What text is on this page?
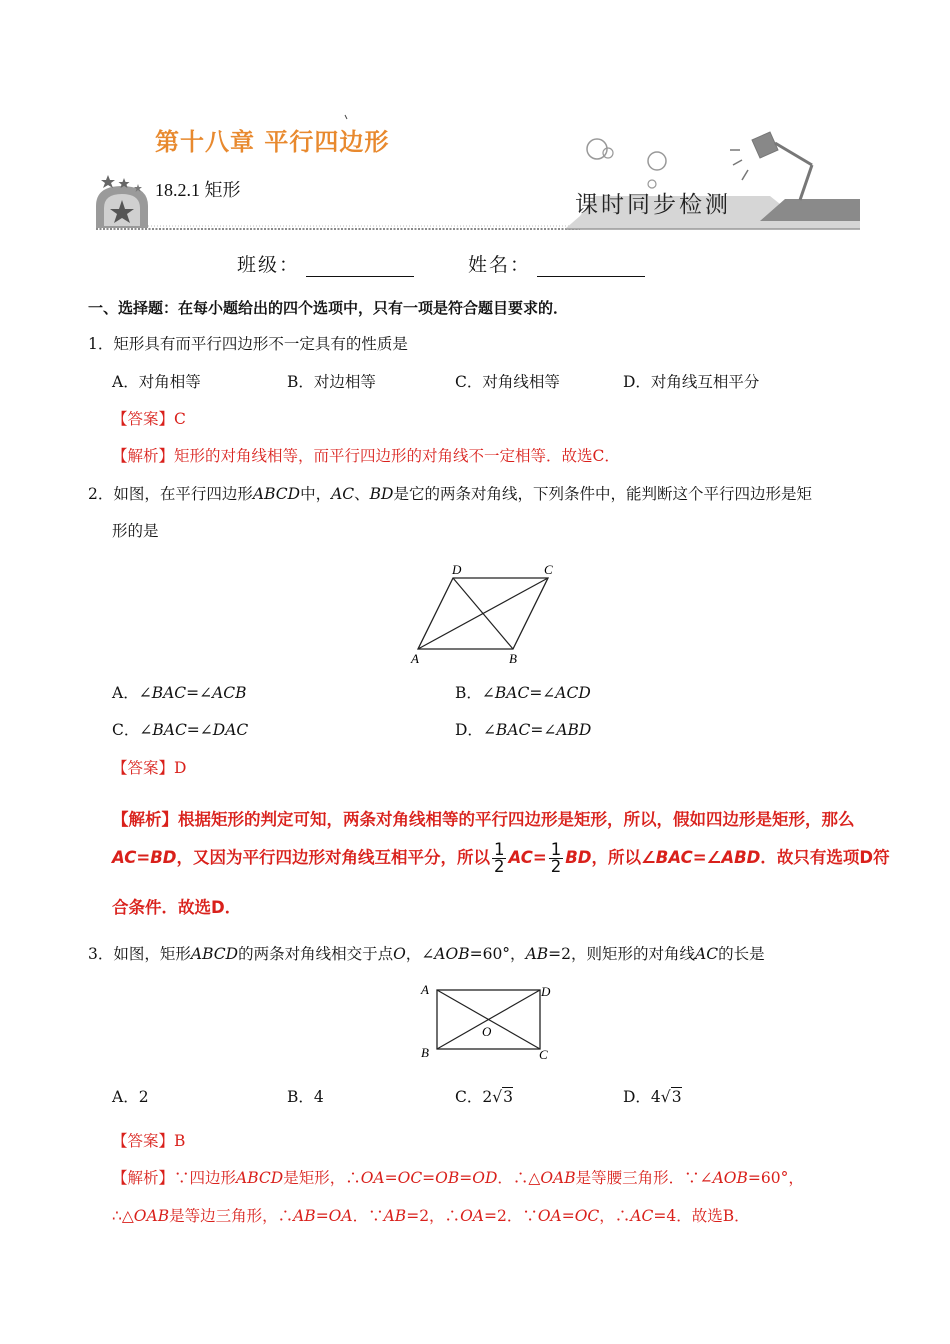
第十八章 平行四边形
18.2.1 矩形
课时同步检测
班级：	姓名：
一、选择题：在每小题给出的四个选项中，只有一项是符合题目要求的．
1．矩形具有而平行四边形不一定具有的性质是
A．对角相等	B．对边相等	C．对角线相等	D．对角线互相平分
【答案】C
【解析】矩形的对角线相等，而平行四边形的对角线不一定相等．故选C．
2．如图，在平行四边形ABCD中，AC、BD是它的两条对角线，下列条件中，能判断这个平行四边形是矩
形的是
A	B
C
D
A．∠BAC=∠ACB	B．∠BAC=∠ACD
C．∠BAC=∠DAC	D．∠BAC=∠ABD
【答案】D
【解析】根据矩形的判定可知，两条对角线相等的平行四边形是矩形，所以，假如四边形是矩形，那么
AC=BD，又因为平行四边形对角线互相平分，所以 $\frac{1}{2} AC= \frac{1}{2}$ BD，所以∠BAC=∠ABD．故只有选项D符
合条件．故选D．
3．如图，矩形ABCD的两条对角线相交于点O，∠AOB=60°，AB=2，则矩形的对角线AC的长是
A
B	C
D
O
A．2	B．4	C．2√3	D．4√3
【答案】B
【解析】∵四边形ABCD是矩形，∴OA=OC=OB=OD．∴△OAB是等腰三角形．∵∠AOB=60°，
∴△OAB是等边三角形，∴AB=OA．∵AB=2，∴OA=2．∵OA=OC，∴AC=4．故选B．
